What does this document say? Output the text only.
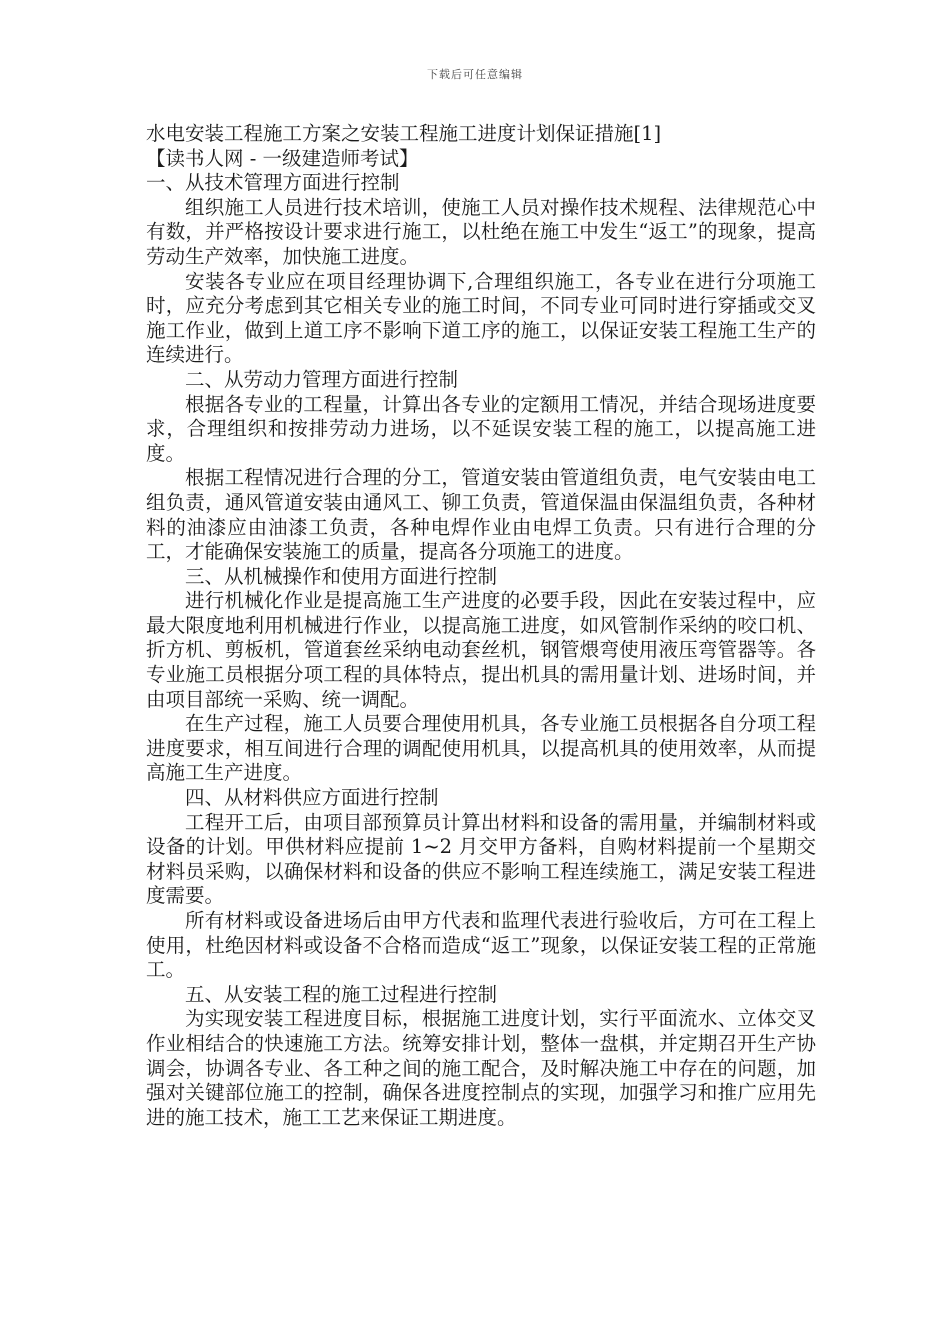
下载后可任意编辑

水电安装工程施工方案之安装工程施工进度计划保证措施[1]

【读书人网 - 一级建造师考试】

一、从技术管理方面进行控制

组织施工人员进行技术培训，使施工人员对操作技术规程、法律规范心中有数，并严格按设计要求进行施工，以杜绝在施工中发生“返工”的现象，提高劳动生产效率，加快施工进度。

安装各专业应在项目经理协调下,合理组织施工，各专业在进行分项施工时，应充分考虑到其它相关专业的施工时间，不同专业可同时进行穿插或交叉施工作业，做到上道工序不影响下道工序的施工，以保证安装工程施工生产的连续进行。

二、从劳动力管理方面进行控制

根据各专业的工程量，计算出各专业的定额用工情况，并结合现场进度要求，合理组织和按排劳动力进场，以不延误安装工程的施工，以提高施工进度。

根据工程情况进行合理的分工，管道安装由管道组负责，电气安装由电工组负责，通风管道安装由通风工、铆工负责，管道保温由保温组负责，各种材料的油漆应由油漆工负责，各种电焊作业由电焊工负责。只有进行合理的分工，才能确保安装施工的质量，提高各分项施工的进度。

三、从机械操作和使用方面进行控制

进行机械化作业是提高施工生产进度的必要手段，因此在安装过程中，应最大限度地利用机械进行作业，以提高施工进度，如风管制作采纳的咬口机、折方机、剪板机，管道套丝采纳电动套丝机，钢管煨弯使用液压弯管器等。各专业施工员根据分项工程的具体特点，提出机具的需用量计划、进场时间，并由项目部统一采购、统一调配。

在生产过程，施工人员要合理使用机具，各专业施工员根据各自分项工程进度要求，相互间进行合理的调配使用机具，以提高机具的使用效率，从而提高施工生产进度。

四、从材料供应方面进行控制

工程开工后，由项目部预算员计算出材料和设备的需用量，并编制材料或设备的计划。甲供材料应提前 1~2 月交甲方备料，自购材料提前一个星期交材料员采购，以确保材料和设备的供应不影响工程连续施工，满足安装工程进度需要。

所有材料或设备进场后由甲方代表和监理代表进行验收后，方可在工程上使用，杜绝因材料或设备不合格而造成“返工”现象，以保证安装工程的正常施工。

五、从安装工程的施工过程进行控制

为实现安装工程进度目标，根据施工进度计划，实行平面流水、立体交叉作业相结合的快速施工方法。统筹安排计划，整体一盘棋，并定期召开生产协调会，协调各专业、各工种之间的施工配合，及时解决施工中存在的问题，加强对关键部位施工的控制，确保各进度控制点的实现，加强学习和推广应用先进的施工技术，施工工艺来保证工期进度。
